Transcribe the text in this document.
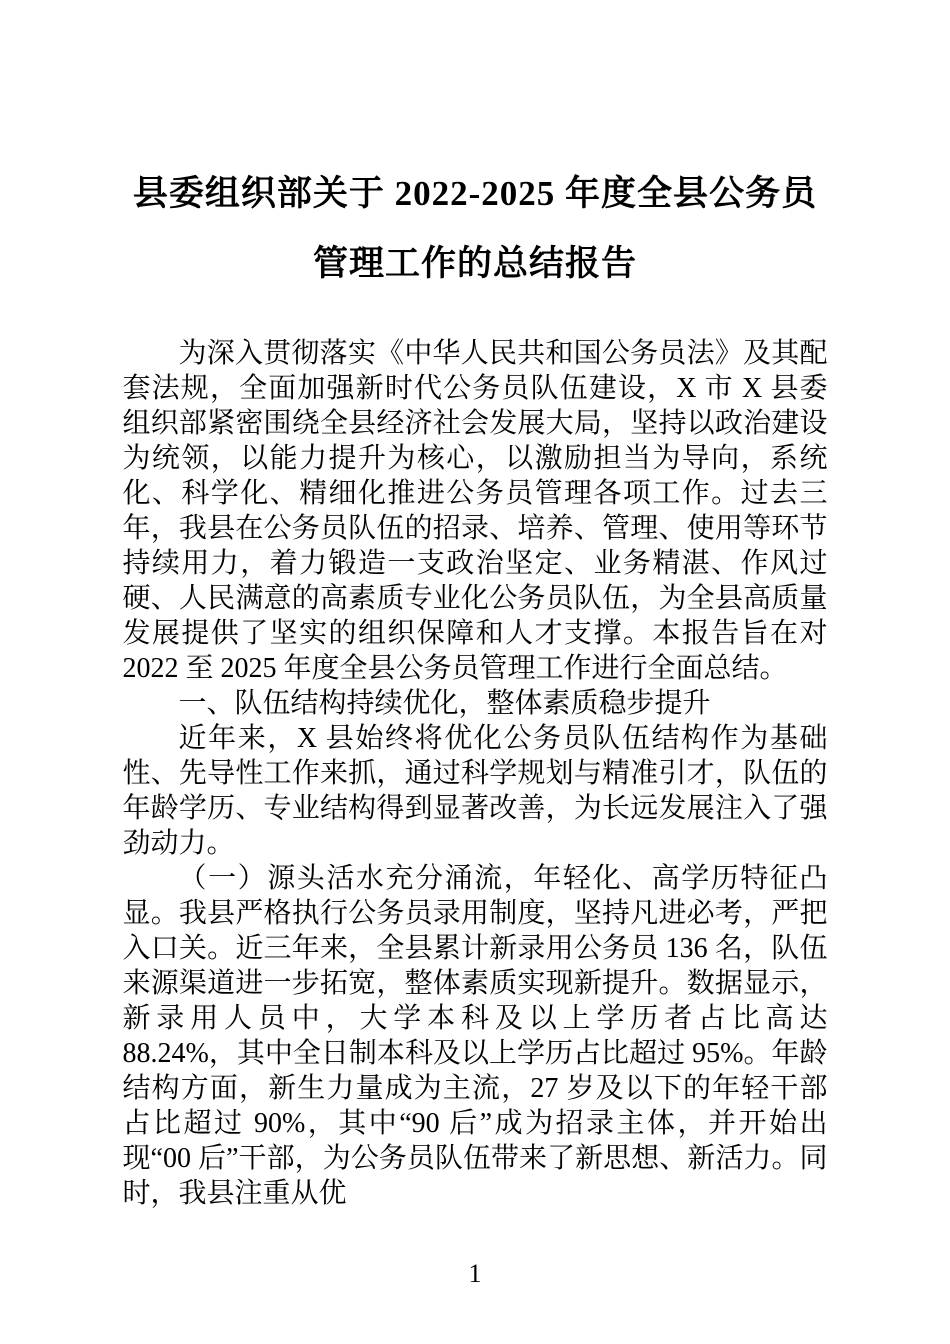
县委组织部关于 2022-2025 年度全县公务员
管理工作的总结报告

为深入贯彻落实《中华人民共和国公务员法》及其配套法规，全面加强新时代公务员队伍建设，X 市 X 县委组织部紧密围绕全县经济社会发展大局，坚持以政治建设为统领，以能力提升为核心，以激励担当为导向，系统化、科学化、精细化推进公务员管理各项工作。过去三年，我县在公务员队伍的招录、培养、管理、使用等环节持续用力，着力锻造一支政治坚定、业务精湛、作风过硬、人民满意的高素质专业化公务员队伍，为全县高质量发展提供了坚实的组织保障和人才支撑。本报告旨在对 2022 至 2025 年度全县公务员管理工作进行全面总结。

一、队伍结构持续优化，整体素质稳步提升

近年来，X 县始终将优化公务员队伍结构作为基础性、先导性工作来抓，通过科学规划与精准引才，队伍的年龄学历、专业结构得到显著改善，为长远发展注入了强劲动力。

（一）源头活水充分涌流，年轻化、高学历特征凸显。我县严格执行公务员录用制度，坚持凡进必考，严把入口关。近三年来，全县累计新录用公务员 136 名，队伍来源渠道进一步拓宽，整体素质实现新提升。数据显示，新录用人员中，大学本科及以上学历者占比高达 88.24%，其中全日制本科及以上学历占比超过 95%。年龄结构方面，新生力量成为主流，27 岁及以下的年轻干部占比超过 90%，其中“90 后”成为招录主体，并开始出现“00 后”干部，为公务员队伍带来了新思想、新活力。同时，我县注重从优

1
